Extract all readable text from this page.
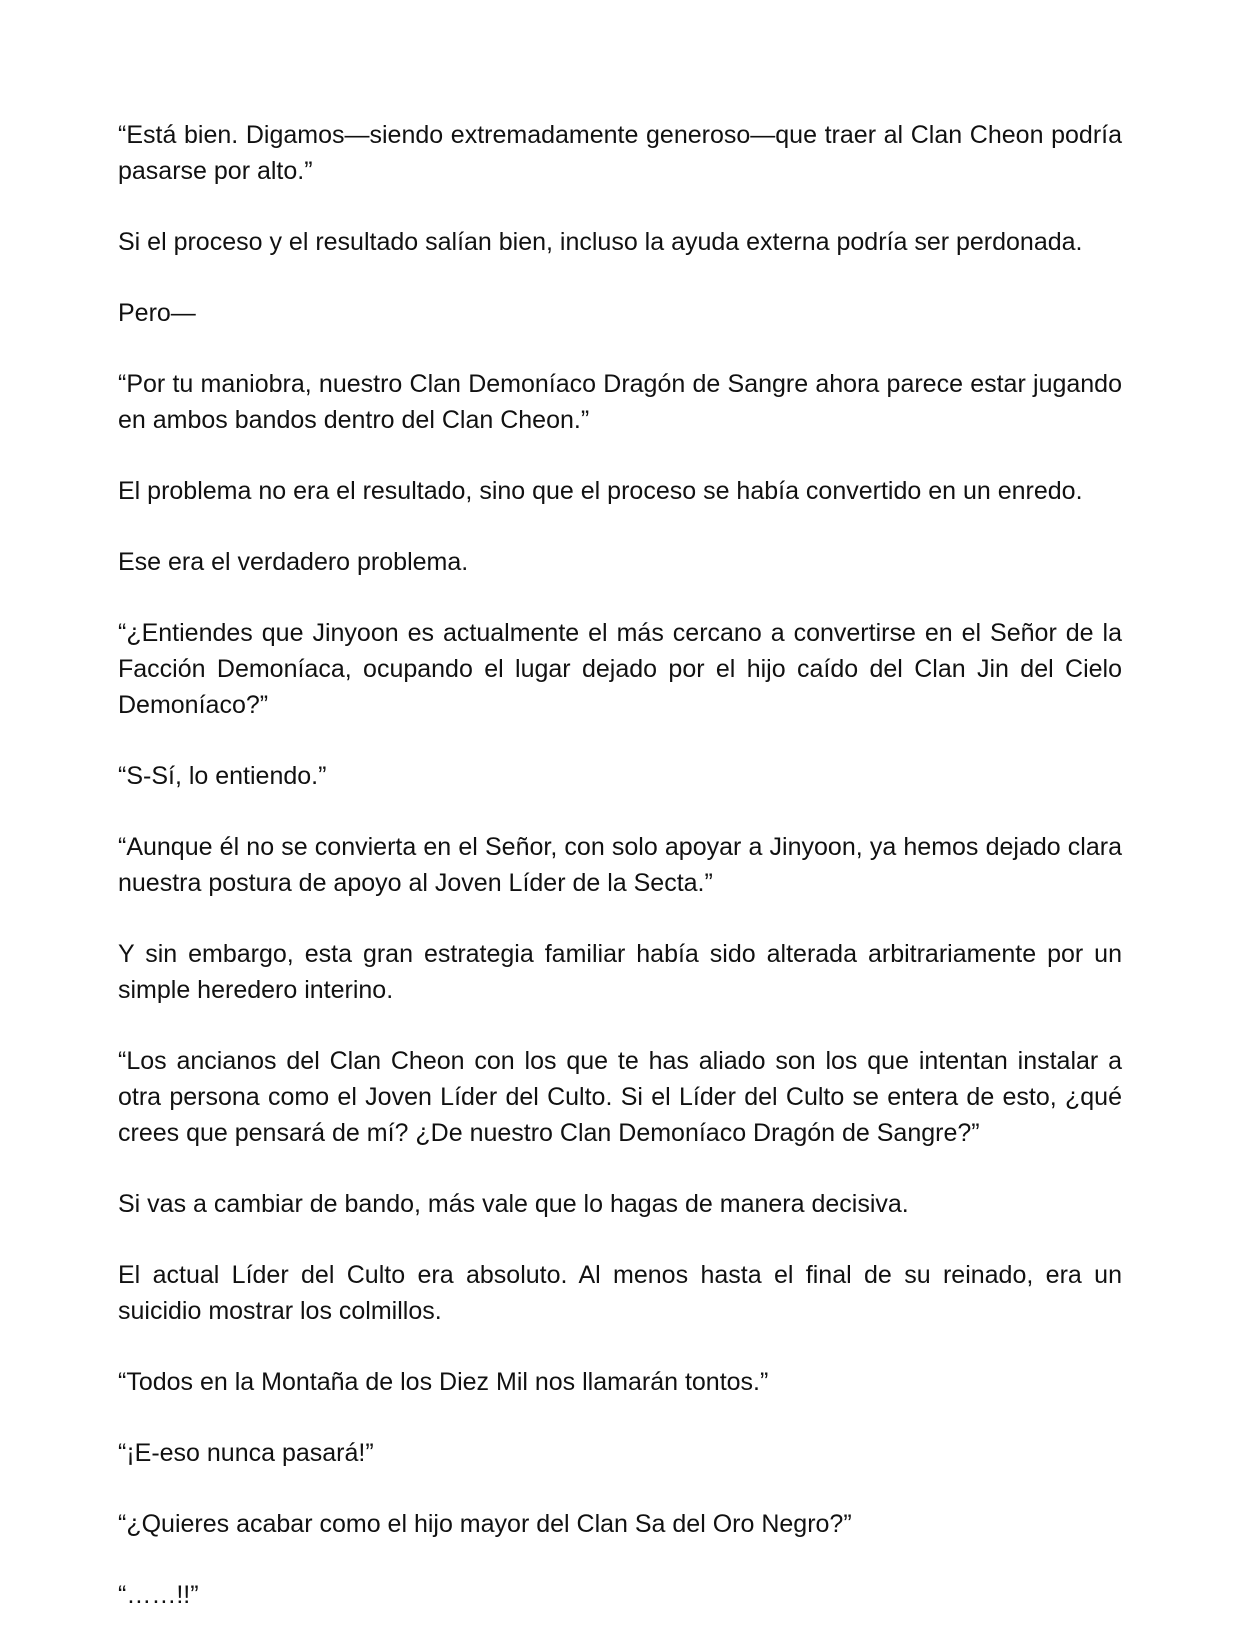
“Está bien. Digamos—siendo extremadamente generoso—que traer al Clan Cheon podría pasarse por alto.”

Si el proceso y el resultado salían bien, incluso la ayuda externa podría ser perdonada.

Pero—

“Por tu maniobra, nuestro Clan Demoníaco Dragón de Sangre ahora parece estar jugando en ambos bandos dentro del Clan Cheon.”

El problema no era el resultado, sino que el proceso se había convertido en un enredo.

Ese era el verdadero problema.

“¿Entiendes que Jinyoon es actualmente el más cercano a convertirse en el Señor de la Facción Demoníaca, ocupando el lugar dejado por el hijo caído del Clan Jin del Cielo Demoníaco?”

“S-Sí, lo entiendo.”

“Aunque él no se convierta en el Señor, con solo apoyar a Jinyoon, ya hemos dejado clara nuestra postura de apoyo al Joven Líder de la Secta.”

Y sin embargo, esta gran estrategia familiar había sido alterada arbitrariamente por un simple heredero interino.

“Los ancianos del Clan Cheon con los que te has aliado son los que intentan instalar a otra persona como el Joven Líder del Culto. Si el Líder del Culto se entera de esto, ¿qué crees que pensará de mí? ¿De nuestro Clan Demoníaco Dragón de Sangre?”

Si vas a cambiar de bando, más vale que lo hagas de manera decisiva.

El actual Líder del Culto era absoluto. Al menos hasta el final de su reinado, era un suicidio mostrar los colmillos.

“Todos en la Montaña de los Diez Mil nos llamarán tontos.”

“¡E-eso nunca pasará!”

“¿Quieres acabar como el hijo mayor del Clan Sa del Oro Negro?”

“……!!”
